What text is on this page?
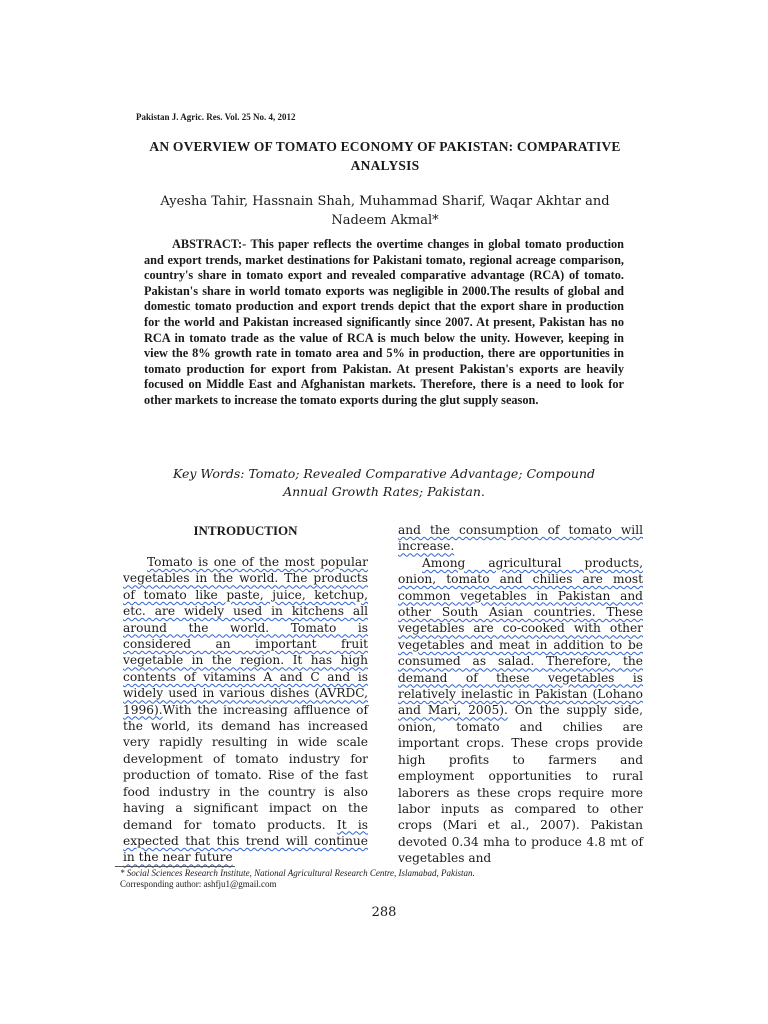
Pakistan J. Agric. Res. Vol. 25 No. 4, 2012
AN OVERVIEW OF TOMATO ECONOMY OF PAKISTAN: COMPARATIVE
ANALYSIS
Ayesha Tahir, Hassnain Shah, Muhammad Sharif, Waqar Akhtar and
Nadeem Akmal*
ABSTRACT:- This paper reflects the overtime changes in global tomato production and export trends, market destinations for Pakistani tomato, regional acreage comparison, country's share in tomato export and revealed comparative advantage (RCA) of tomato. Pakistan's share in world tomato exports was negligible in 2000.The results of global and domestic tomato production and export trends depict that the export share in production for the world and Pakistan increased significantly since 2007. At present, Pakistan has no RCA in tomato trade as the value of RCA is much below the unity. However, keeping in view the 8% growth rate in tomato area and 5% in production, there are opportunities in tomato production for export from Pakistan. At present Pakistan's exports are heavily focused on Middle East and Afghanistan markets. Therefore, there is a need to look for other markets to increase the tomato exports during the glut supply season.
Key Words: Tomato; Revealed Comparative Advantage; Compound
Annual Growth Rates; Pakistan.
INTRODUCTION

Tomato is one of the most popular vegetables in the world. The products of tomato like paste, juice, ketchup, etc. are widely used in kitchens all around the world. Tomato is considered an important fruit vegetable in the region. It has high contents of vitamins A and C and is widely used in various dishes (AVRDC, 1996).With the increasing affluence of the world, its demand has increased very rapidly resulting in wide scale development of tomato industry for production of tomato. Rise of the fast food industry in the country is also having a significant impact on the demand for tomato products. It is expected that this trend will continue in the near future

and the consumption of tomato will increase.

Among agricultural products, onion, tomato and chilies are most common vegetables in Pakistan and other South Asian countries. These vegetables are co-cooked with other vegetables and meat in addition to be consumed as salad. Therefore, the demand of these vegetables is relatively inelastic in Pakistan (Lohano and Mari, 2005). On the supply side, onion, tomato and chilies are important crops. These crops provide high profits to farmers and employment opportunities to rural laborers as these crops require more labor inputs as compared to other crops (Mari et al., 2007). Pakistan devoted 0.34 mha to produce 4.8 mt of vegetables and

* Social Sciences Research Institute, National Agricultural Research Centre, Islamabad, Pakistan.
Corresponding author: ashfju1@gmail.com
288
